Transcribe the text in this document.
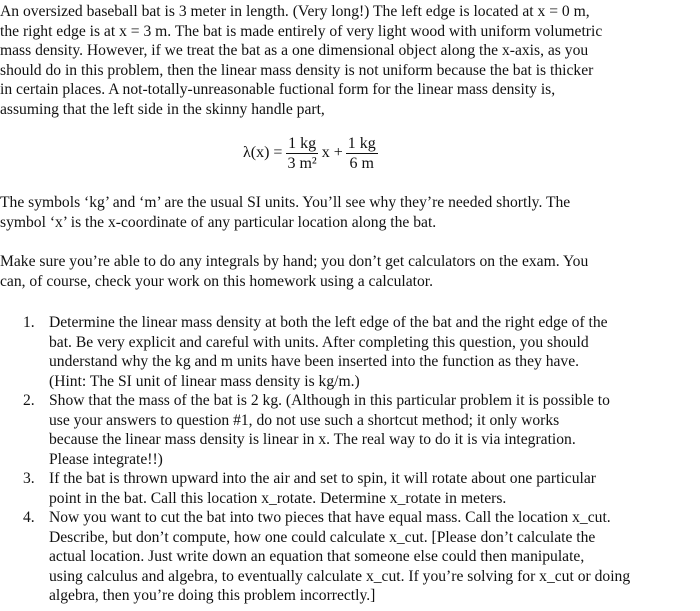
An oversized baseball bat is 3 meter in length. (Very long!) The left edge is located at x = 0 m,
the right edge is at x = 3 m. The bat is made entirely of very light wood with uniform volumetric
mass density. However, if we treat the bat as a one dimensional object along the x-axis, as you
should do in this problem, then the linear mass density is not uniform because the bat is thicker
in certain places. A not-totally-unreasonable fuctional form for the linear mass density is,
assuming that the left side in the skinny handle part,
$\lambda(x) = \frac{1 kg}{\text{3 m²}}$ $x + \frac{1 kg}{6 m}$
The symbols ‘kg’ and ‘m’ are the usual SI units. You’ll see why they’re needed shortly. The
symbol ‘x’ is the x-coordinate of any particular location along the bat.
Make sure you’re able to do any integrals by hand; you don’t get calculators on the exam. You
can, of course, check your work on this homework using a calculator.
1. Determine the linear mass density at both the left edge of the bat and the right edge of the
bat. Be very explicit and careful with units. After completing this question, you should
understand why the kg and m units have been inserted into the function as they have.
(Hint: The SI unit of linear mass density is kg/m.)
2. Show that the mass of the bat is 2 kg. (Although in this particular problem it is possible to
use your answers to question #1, do not use such a shortcut method; it only works
because the linear mass density is linear in x. The real way to do it is via integration.
Please integrate!!)
3. If the bat is thrown upward into the air and set to spin, it will rotate about one particular
point in the bat. Call this location x_rotate. Determine x_rotate in meters.
4. Now you want to cut the bat into two pieces that have equal mass. Call the location x_cut.
Describe, but don’t compute, how one could calculate x_cut. [Please don’t calculate the
actual location. Just write down an equation that someone else could then manipulate,
using calculus and algebra, to eventually calculate x_cut. If you’re solving for x_cut or doing
algebra, then you’re doing this problem incorrectly.]
